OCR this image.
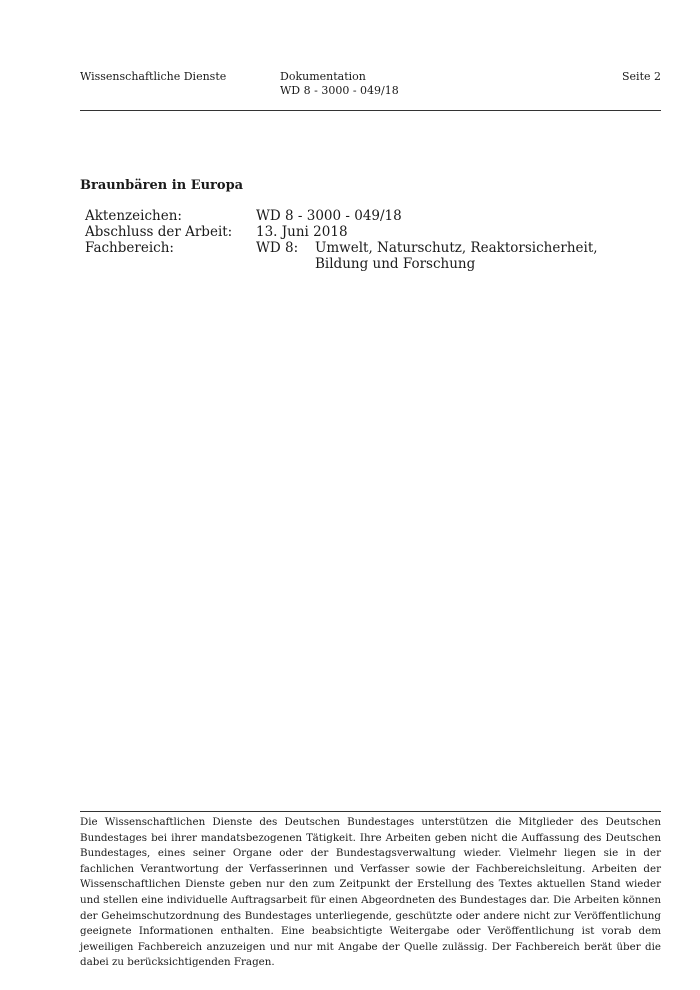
Wissenschaftliche Dienste	Dokumentation
WD 8 - 3000 - 049/18
Seite 2
Braunbären in Europa
Aktenzeichen:	WD 8 - 3000 - 049/18
Abschluss der Arbeit: 13. Juni 2018
Fachbereich:	WD 8: Umwelt, Naturschutz, Reaktorsicherheit, Bildung und Forschung
Die Wissenschaftlichen Dienste des Deutschen Bundestages unterstützen die Mitglieder des Deutschen Bundestages bei ihrer mandatsbezogenen Tätigkeit. Ihre Arbeiten geben nicht die Auffassung des Deutschen Bundestages, eines seiner Organe oder der Bundestagsverwaltung wieder. Vielmehr liegen sie in der fachlichen Verantwortung der Verfasserinnen und Verfasser sowie der Fachbereichsleitung. Arbeiten der Wissenschaftlichen Dienste geben nur den zum Zeitpunkt der Erstellung des Textes aktuellen Stand wieder und stellen eine individuelle Auftragsarbeit für einen Abgeordneten des Bundestages dar. Die Arbeiten können der Geheimschutzordnung des Bundestages unterliegende, geschützte oder andere nicht zur Veröffentlichung geeignete Informationen enthalten. Eine beabsichtigte Weitergabe oder Veröffentlichung ist vorab dem jeweiligen Fachbereich anzuzeigen und nur mit Angabe der Quelle zulässig. Der Fachbereich berät über die dabei zu berücksichtigenden Fragen.
